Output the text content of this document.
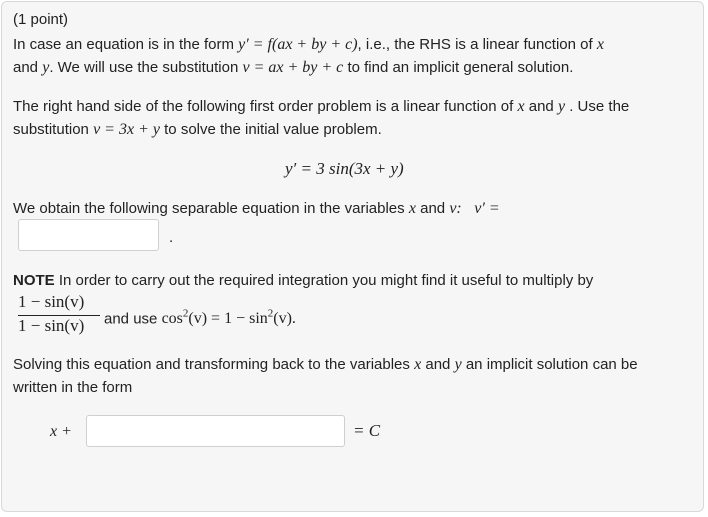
(1 point)
In case an equation is in the form y′ = f(ax + by + c), i.e., the RHS is a linear function of x
and y. We will use the substitution v = ax + by + c to find an implicit general solution.
The right hand side of the following first order problem is a linear function of x and y . Use the
substitution v = 3x + y to solve the initial value problem.
y′ = 3 sin(3x + y)
We obtain the following separable equation in the variables x and v: v′ =
.
NOTE In order to carry out the required integration you might find it useful to multiply by
1 − sin(v)
1 − sin(v) and use $\cos^2(v) = 1 - \sin^2(v)$.
Solving this equation and transforming back to the variables x and y an implicit solution can be
written in the form
x +	= C
